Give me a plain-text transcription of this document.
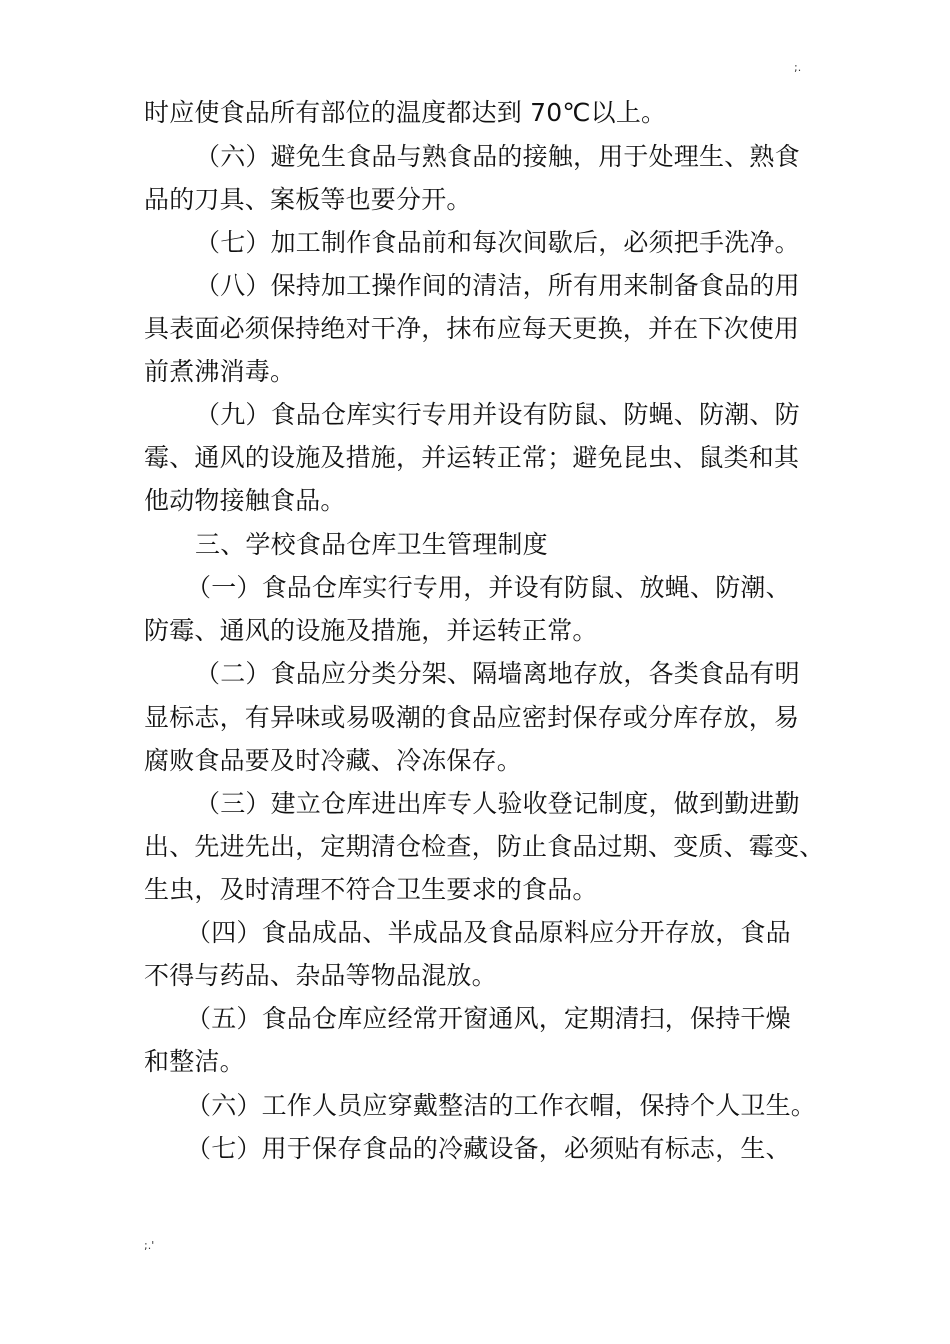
;.
时应使食品所有部位的温度都达到 70℃以上。
（六）避免生食品与熟食品的接触，用于处理生、熟食
品的刀具、案板等也要分开。
（七）加工制作食品前和每次间歇后，必须把手洗净。
（八）保持加工操作间的清洁，所有用来制备食品的用
具表面必须保持绝对干净，抹布应每天更换，并在下次使用
前煮沸消毒。
（九）食品仓库实行专用并设有防鼠、防蝇、防潮、防
霉、通风的设施及措施，并运转正常；避免昆虫、鼠类和其
他动物接触食品。
三、学校食品仓库卫生管理制度
（一）食品仓库实行专用，并设有防鼠、放蝇、防潮、
防霉、通风的设施及措施，并运转正常。
（二）食品应分类分架、隔墙离地存放，各类食品有明
显标志，有异味或易吸潮的食品应密封保存或分库存放，易
腐败食品要及时冷藏、冷冻保存。
（三）建立仓库进出库专人验收登记制度，做到勤进勤
出、先进先出，定期清仓检查，防止食品过期、变质、霉变、
生虫，及时清理不符合卫生要求的食品。
（四）食品成品、半成品及食品原料应分开存放，食品
不得与药品、杂品等物品混放。
（五）食品仓库应经常开窗通风，定期清扫，保持干燥
和整洁。
（六）工作人员应穿戴整洁的工作衣帽，保持个人卫生。
（七）用于保存食品的冷藏设备，必须贴有标志，生、
;.'
